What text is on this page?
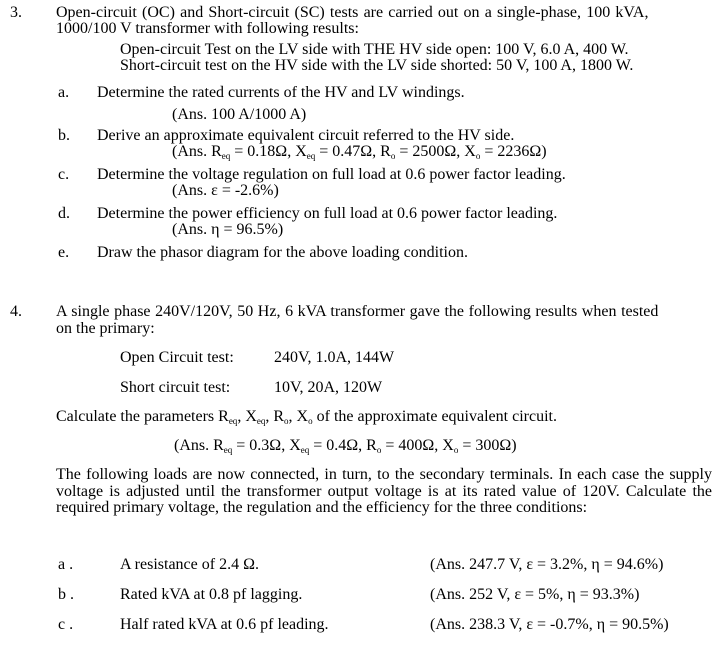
3. Open-circuit (OC) and Short-circuit (SC) tests are carried out on a single-phase, 100 kVA,
1000/100 V transformer with following results:
Open-circuit Test on the LV side with THE HV side open: 100 V, 6.0 A, 400 W.
Short-circuit test on the HV side with the LV side shorted: 50 V, 100 A, 1800 W.
a. Determine the rated currents of the HV and LV windings.
(Ans. 100 A/1000 A)
b. Derive an approximate equivalent circuit referred to the HV side.
(Ans. $R_{eq} = 0.18\Omega$, $X_{eq} = 0.47\Omega$, $R_o = 2500\Omega$, $X_o = 2236\Omega$)
c. Determine the voltage regulation on full load at 0.6 power factor leading.
(Ans. ε = -2.6%)
d. Determine the power efficiency on full load at 0.6 power factor leading.
(Ans. η = 96.5%)
e. Draw the phasor diagram for the above loading condition.
4. A single phase 240V/120V, 50 Hz, 6 kVA transformer gave the following results when tested
on the primary:
Open Circuit test:	240V, 1.0A, 144W
Short circuit test:	10V, 20A, 120W
Calculate the parameters $R_{eq}$, $X_{eq}$, $R_o$, $X_o$ of the approximate equivalent circuit.
(Ans. $R_{eq} = 0.3\Omega$, $X_{eq} = 0.4\Omega$, $R_o = 400\Omega$, $X_o = 300\Omega$)
The following loads are now connected, in turn, to the secondary terminals. In each case the supply voltage is adjusted until the transformer output voltage is at its rated value of 120V. Calculate the required primary voltage, the regulation and the efficiency for the three conditions:
a .	A resistance of 2.4 Ω.	(Ans. 247.7 V, ε = 3.2%, η = 94.6%)
b .	Rated kVA at 0.8 pf lagging.	(Ans. 252 V, ε = 5%, η = 93.3%)
c .	Half rated kVA at 0.6 pf leading.	(Ans. 238.3 V, ε = -0.7%, η = 90.5%)
